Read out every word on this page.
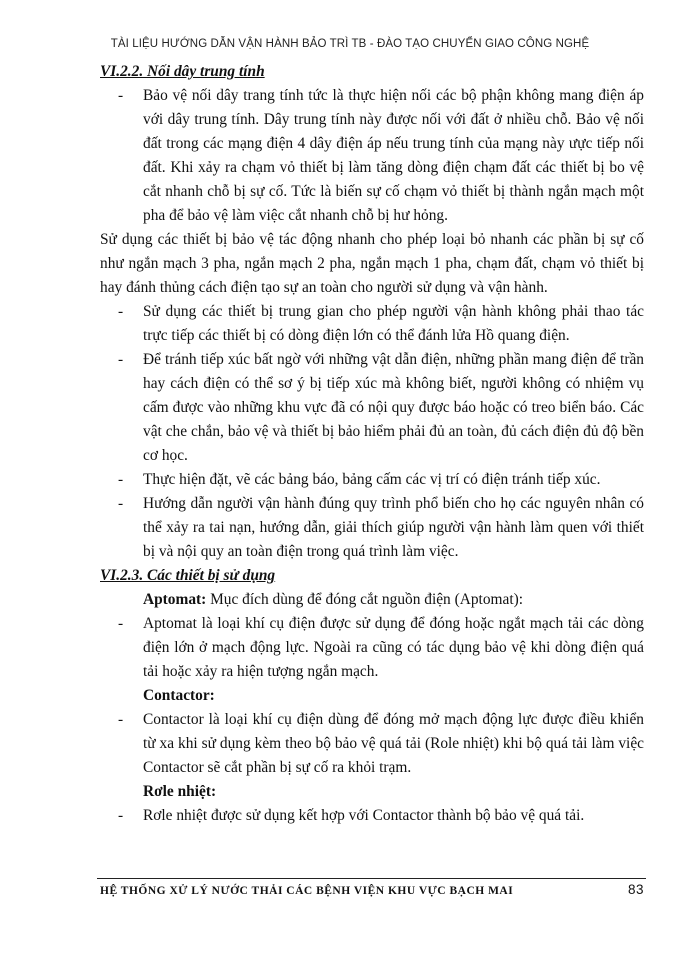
TÀI LIỆU HƯỚNG DẪN VẬN HÀNH BẢO TRÌ TB - ĐÀO TẠO CHUYỂN GIAO CÔNG NGHỆ

VI.2.2. Nối dây trung tính

- Bảo vệ nối dây trang tính tức là thực hiện nối các bộ phận không mang điện áp với dây trung tính. Dây trung tính này được nối với đất ở nhiều chỗ. Bảo vệ nối đất trong các mạng điện 4 dây điện áp nếu trung tính của mạng này ưực tiếp nối đất. Khi xảy ra chạm vỏ thiết bị làm tăng dòng điện chạm đất các thiết bị bo vệ cắt nhanh chỗ bị sự cố. Tức là biến sự cố chạm vỏ thiết bị thành ngắn mạch một pha để bảo vệ làm việc cắt nhanh chỗ bị hư hỏng.

Sử dụng các thiết bị bảo vệ tác động nhanh cho phép loại bỏ nhanh các phần bị sự cố như ngắn mạch 3 pha, ngắn mạch 2 pha, ngắn mạch 1 pha, chạm đất, chạm vỏ thiết bị hay đánh thủng cách điện tạo sự an toàn cho người sử dụng và vận hành.

- Sử dụng các thiết bị trung gian cho phép người vận hành không phải thao tác trực tiếp các thiết bị có dòng điện lớn có thể đánh lửa Hồ quang điện.

- Để tránh tiếp xúc bất ngờ với những vật dẫn điện, những phần mang điện để trần hay cách điện có thể sơ ý bị tiếp xúc mà không biết, người không có nhiệm vụ cấm được vào những khu vực đã có nội quy được báo hoặc có treo biển báo. Các vật che chắn, bảo vệ và thiết bị bảo hiểm phải đủ an toàn, đủ cách điện đủ độ bền cơ học.

- Thực hiện đặt, vẽ các bảng báo, bảng cấm các vị trí có điện tránh tiếp xúc.

- Hướng dẫn người vận hành đúng quy trình phổ biến cho họ các nguyên nhân có thể xảy ra tai nạn, hướng dẫn, giải thích giúp người vận hành làm quen với thiết bị và nội quy an toàn điện trong quá trình làm việc.

VI.2.3. Các thiết bị sử dụng

Aptomat: Mục đích dùng để đóng cắt nguồn điện (Aptomat):

- Aptomat là loại khí cụ điện được sử dụng để đóng hoặc ngắt mạch tải các dòng điện lớn ở mạch động lực. Ngoài ra cũng có tác dụng bảo vệ khi dòng điện quá tải hoặc xảy ra hiện tượng ngắn mạch.

Contactor:

- Contactor là loại khí cụ điện dùng để đóng mở mạch động lực được điều khiển từ xa khi sử dụng kèm theo bộ bảo vệ quá tải (Role nhiệt) khi bộ quá tải làm việc Contactor sẽ cắt phần bị sự cố ra khỏi trạm.

Rơle nhiệt:

- Rơle nhiệt được sử dụng kết hợp với Contactor thành bộ bảo vệ quá tải.

HỆ THỐNG XỬ LÝ NƯỚC THẢI CÁC BỆNH VIỆN KHU VỰC BẠCH MAI	83
